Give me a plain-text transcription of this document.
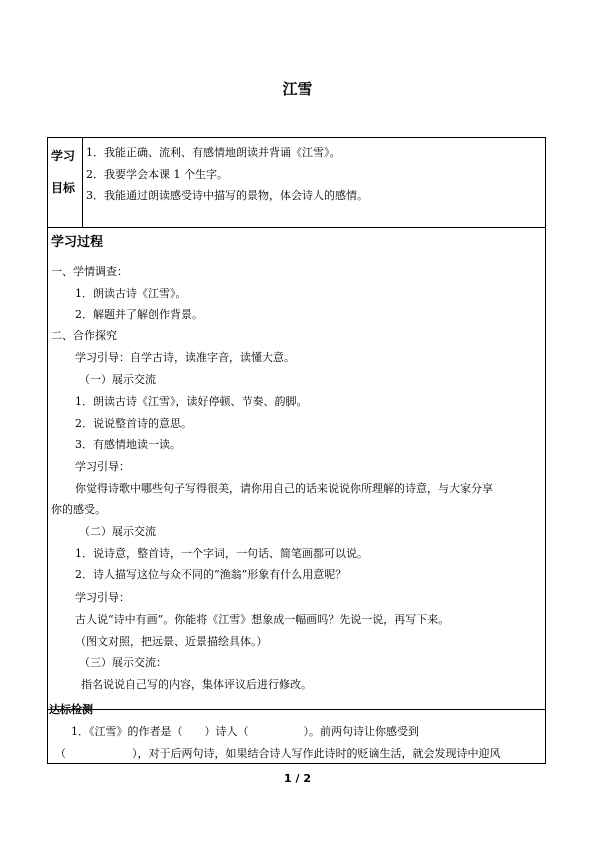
江雪
学习
目标
1．我能正确、流利、有感情地朗读并背诵《江雪》。
2．我要学会本课 1 个生字。
3．我能通过朗读感受诗中描写的景物，体会诗人的感情。
学习过程
一、学情调查：
1．朗读古诗《江雪》。
2．解题并了解创作背景。
二、合作探究
学习引导：自学古诗，读准字音，读懂大意。
（一）展示交流
1．朗读古诗《江雪》，读好停顿、节奏、韵脚。
2．说说整首诗的意思。
3．有感情地读一读。
学习引导：
你觉得诗歌中哪些句子写得很美，请你用自己的话来说说你所理解的诗意，与大家分享
你的感受。
（二）展示交流
1．说诗意，整首诗，一个字词，一句话、简笔画都可以说。
2．诗人描写这位与众不同的“渔翁”形象有什么用意呢？
学习引导：
古人说“诗中有画”。你能将《江雪》想象成一幅画吗？先说一说，再写下来。
（图文对照，把远景、近景描绘具体。）
（三）展示交流：
指名说说自己写的内容，集体评议后进行修改。
达标检测
1．《江雪》的作者是（　　）诗人（　　　　　）。前两句诗让你感受到
（　　　　　　），对于后两句诗，如果结合诗人写作此诗时的贬谪生活，就会发现诗中迎风
1 / 2
